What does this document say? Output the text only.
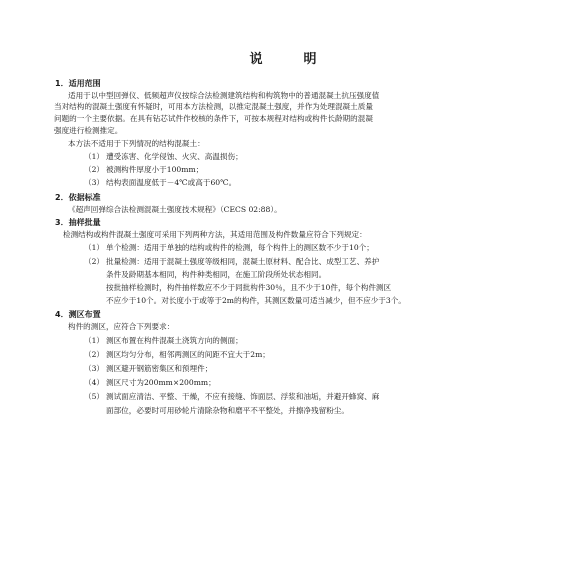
说　明
1．适用范围
适用于以中型回弹仪、低频超声仪按综合法检测建筑结构和构筑物中的普通混凝土抗压强度值
当对结构的混凝土强度有怀疑时，可用本方法检测，以推定混凝土强度，并作为处理混凝土质量
问题的一个主要依据。在具有钻芯试件作校核的条件下，可按本规程对结构或构件长龄期的混凝
强度进行检测推定。
本方法不适用于下列情况的结构混凝土：
（1） 遭受冻害、化学侵蚀、火灾、高温损伤；
（2） 被测构件厚度小于100mm；
（3） 结构表面温度低于－4℃或高于60℃。
2．依据标准
《超声回弹综合法检测混凝土强度技术规程》（CECS 02:88）。
3．抽样批量
检测结构或构件混凝土强度可采用下列两种方法，其适用范围及构件数量应符合下列规定：
（1） 单个检测：适用于单独的结构或构件的检测，每个构件上的测区数不少于10个；
（2） 批量检测：适用于混凝土强度等级相同，混凝土原材料、配合比、成型工艺、养护
条件及龄期基本相同，构件种类相同，在施工阶段所处状态相同。
按批抽样检测时，构件抽样数应不少于同批构件30％，且不少于10件，每个构件测区
不应少于10个。对长度小于或等于2m的构件，其测区数量可适当减少，但不应少于3个。
4．测区布置
构件的测区，应符合下列要求：
（1） 测区布置在构件混凝土浇筑方向的侧面；
（2） 测区均匀分布，相邻两测区的间距不宜大于2m；
（3） 测区避开钢筋密集区和预埋件；
（4） 测区尺寸为200mm×200mm；
（5） 测试面应清洁、平整、干燥，不应有接缝、饰面层、浮浆和油垢，并避开蜂窝、麻
面部位，必要时可用砂轮片清除杂物和磨平不平整处，并擦净残留粉尘。
